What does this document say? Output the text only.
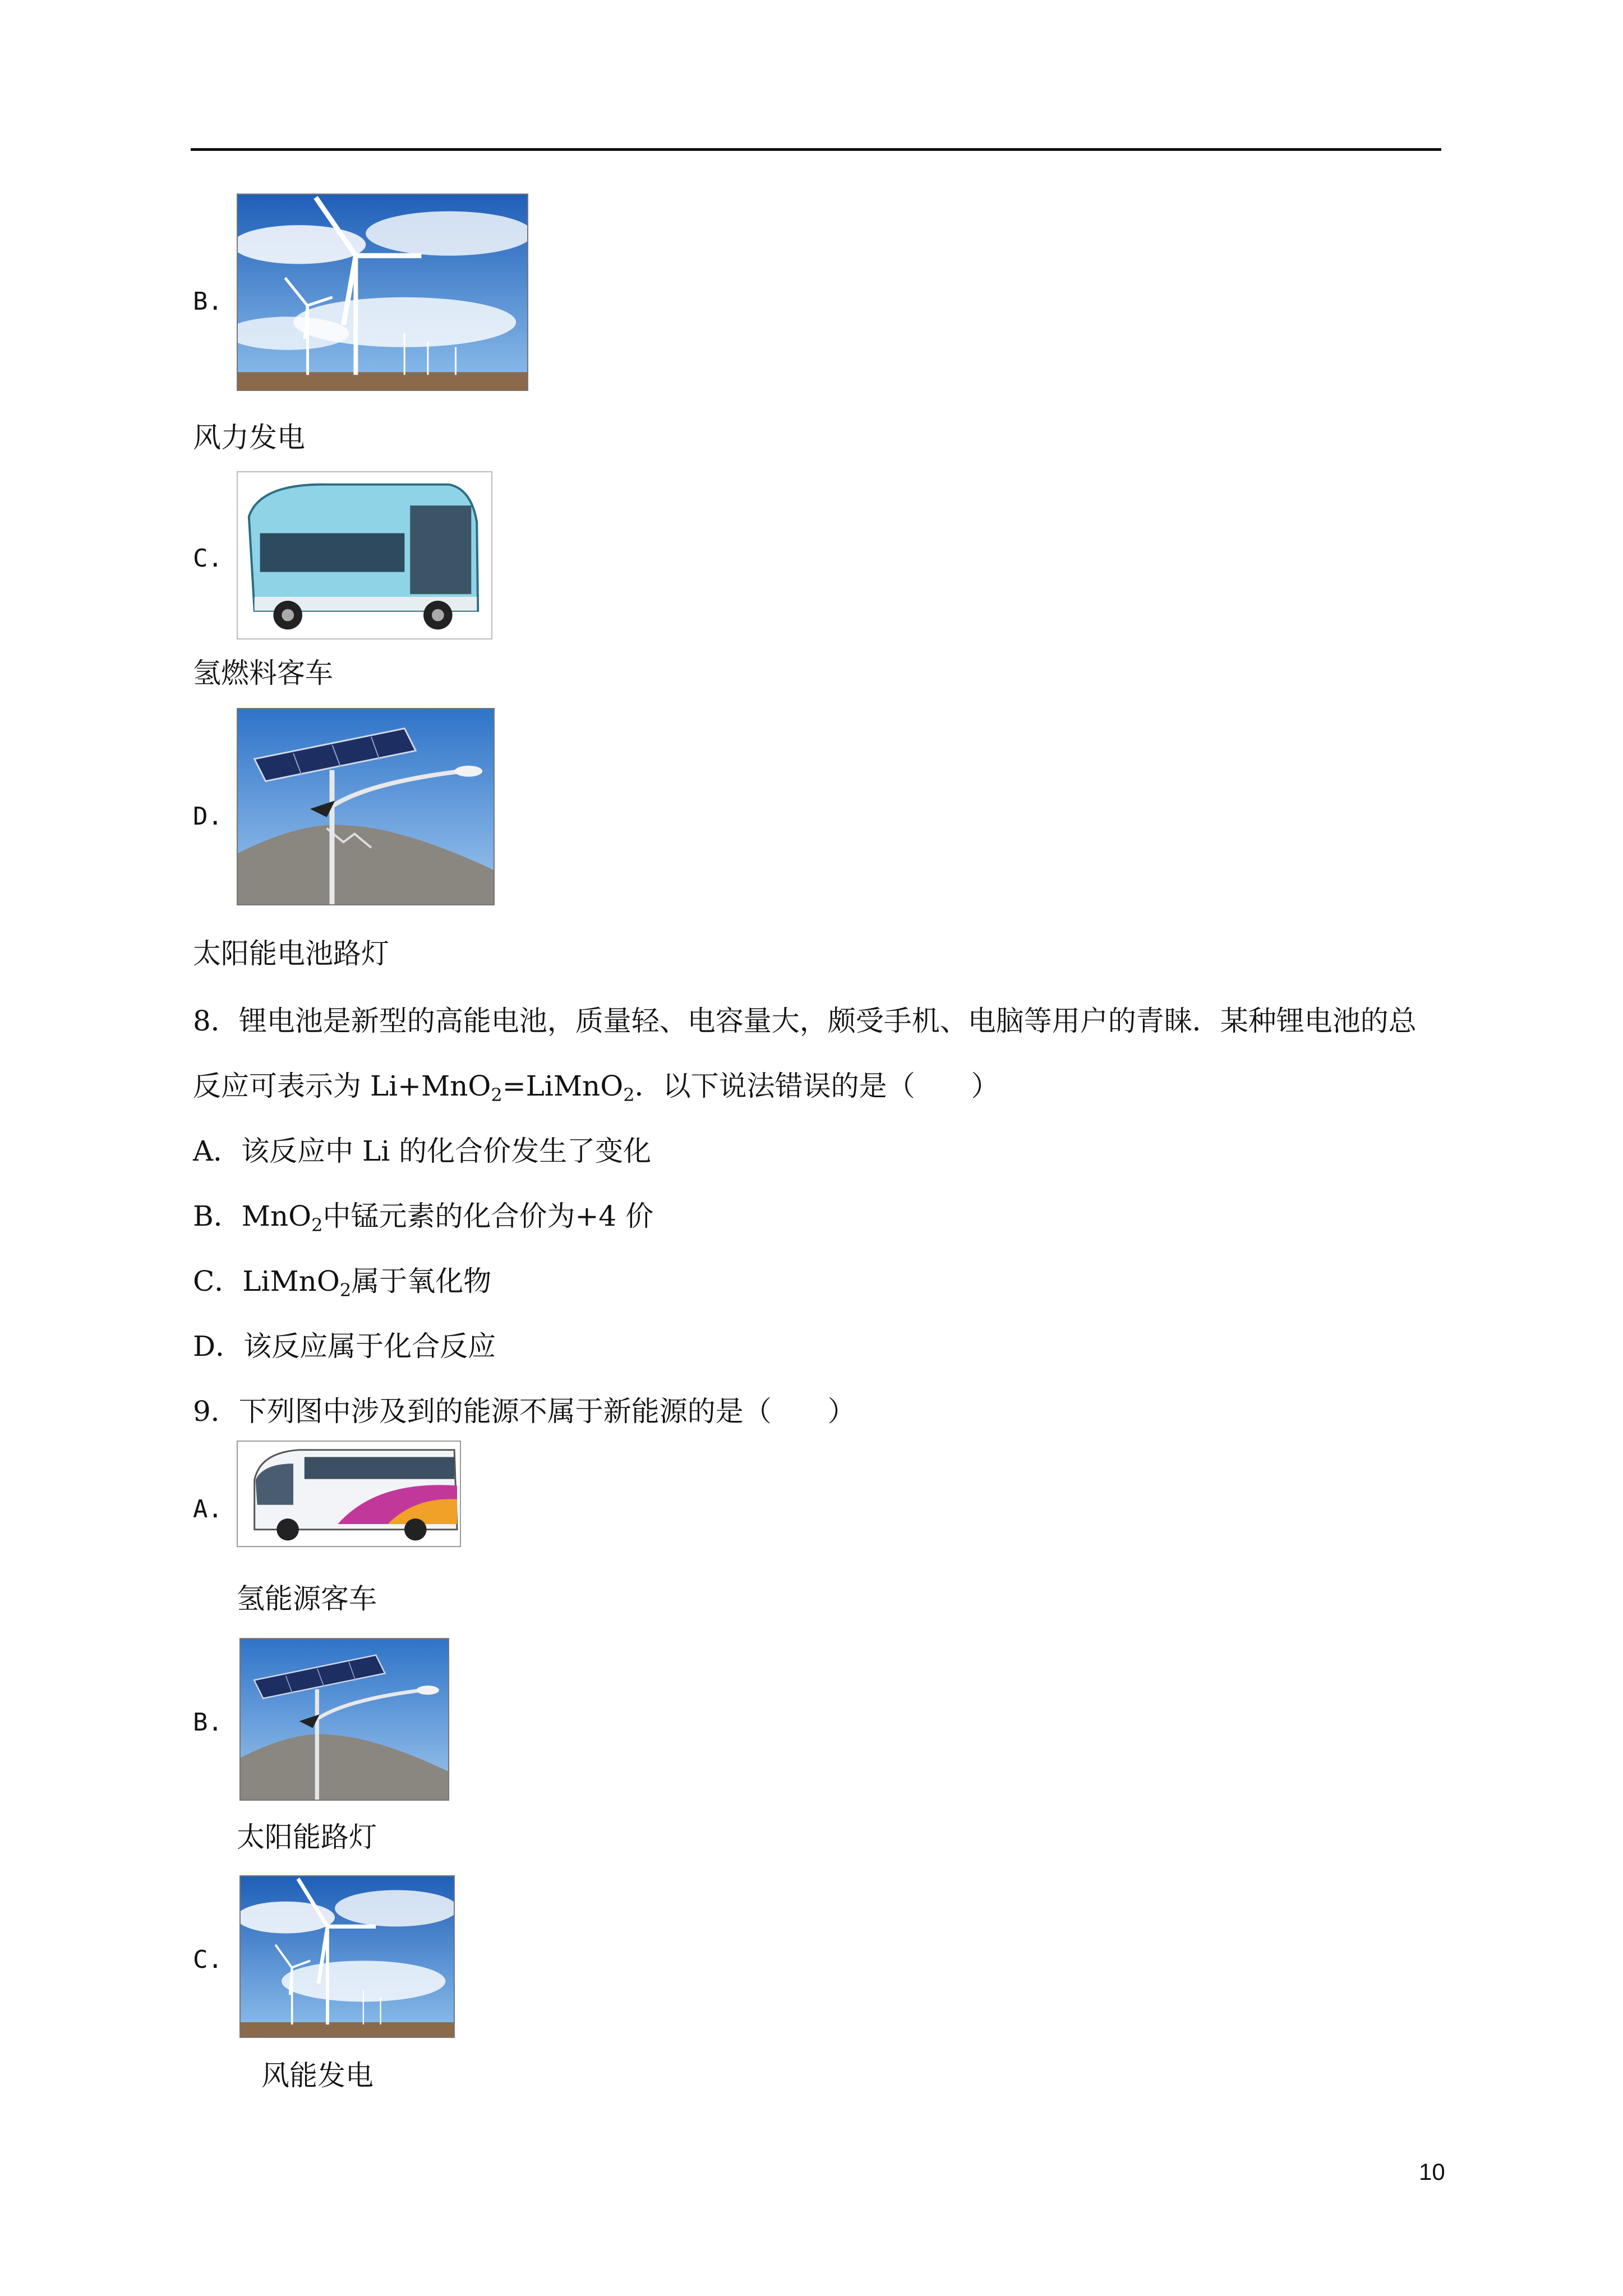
B.
风力发电
C.
氢燃料客车
D.
太阳能电池路灯
8．锂电池是新型的高能电池，质量轻、电容量大，颇受手机、电脑等用户的青睐．某种锂电池的总
反应可表示为 Li+MnO$_2$=LiMnO$_2$．以下说法错误的是（　　）
A．该反应中 Li 的化合价发生了变化
B．MnO$_2$中锰元素的化合价为+4 价
C．LiMnO$_2$属于氧化物
D．该反应属于化合反应
9．下列图中涉及到的能源不属于新能源的是（　　）
A.
氢能源客车
B.
太阳能路灯
C.
风能发电
10
